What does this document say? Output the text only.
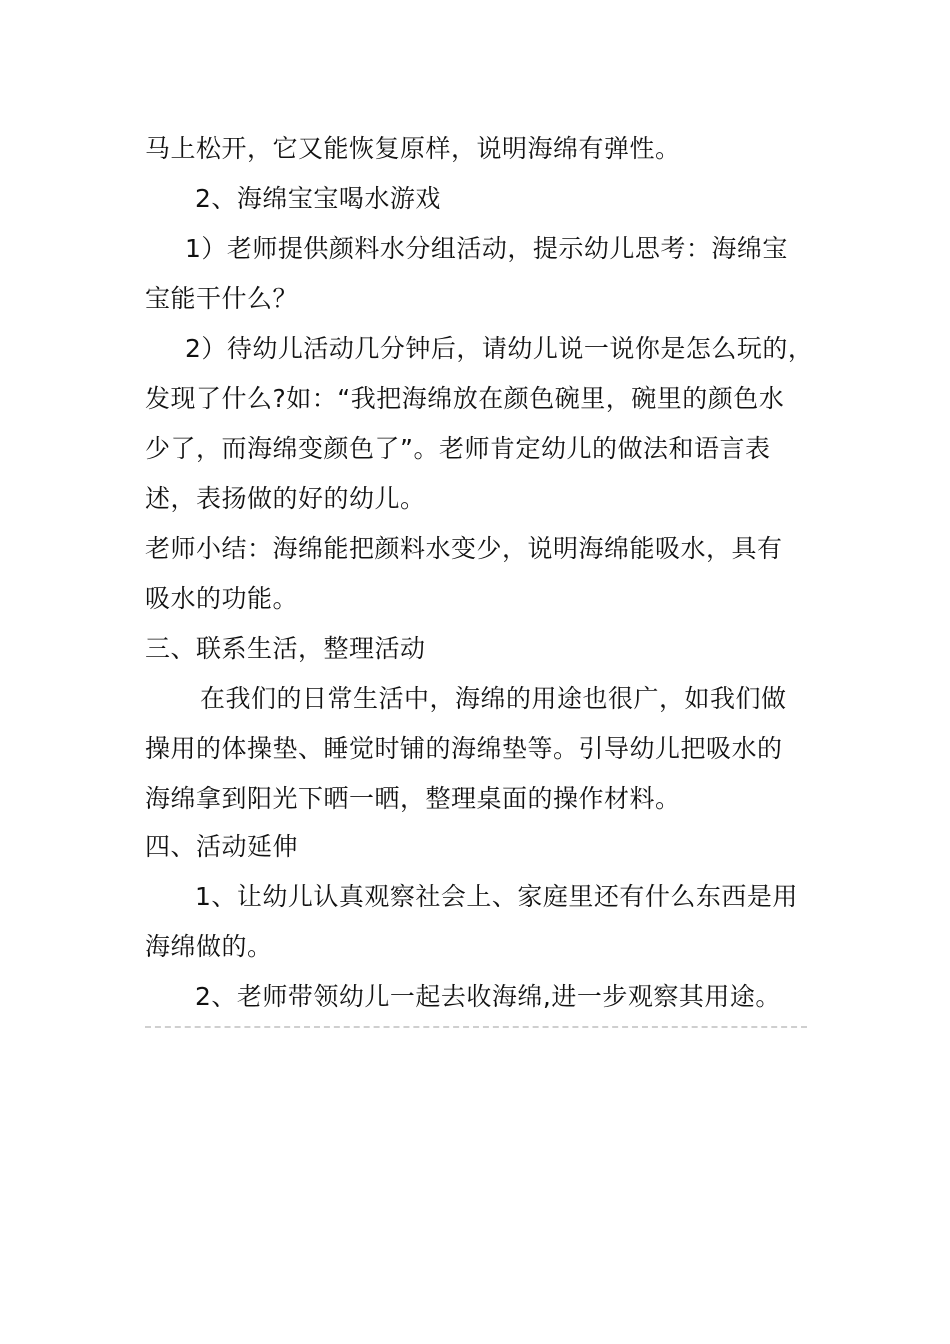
马上松开，它又能恢复原样，说明海绵有弹性。
2、海绵宝宝喝水游戏
1）老师提供颜料水分组活动，提示幼儿思考：海绵宝
宝能干什么？
2）待幼儿活动几分钟后，请幼儿说一说你是怎么玩的，
发现了什么?如：“我把海绵放在颜色碗里，碗里的颜色水
少了，而海绵变颜色了”。老师肯定幼儿的做法和语言表
述，表扬做的好的幼儿。
老师小结：海绵能把颜料水变少，说明海绵能吸水，具有
吸水的功能。
三、联系生活，整理活动
在我们的日常生活中，海绵的用途也很广，如我们做
操用的体操垫、睡觉时铺的海绵垫等。引导幼儿把吸水的
海绵拿到阳光下晒一晒，整理桌面的操作材料。
四、活动延伸
1、让幼儿认真观察社会上、家庭里还有什么东西是用
海绵做的。
2、老师带领幼儿一起去收海绵,进一步观察其用途。
